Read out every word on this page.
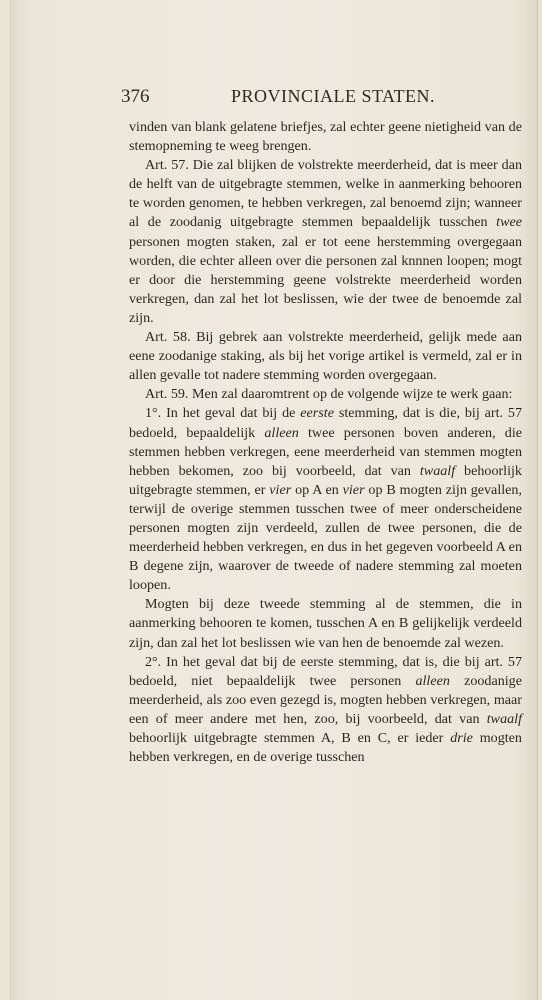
376	PROVINCIALE STATEN.

vinden van blank gelatene briefjes, zal echter geene nietigheid van de stemopneming te weeg brengen.

Art. 57. Die zal blijken de volstrekte meerderheid, dat is meer dan de helft van de uitgebragte stemmen, welke in aanmerking behooren te worden genomen, te hebben verkregen, zal benoemd zijn; wanneer al de zoodanig uitgebragte stemmen bepaaldelijk tusschen twee personen mogten staken, zal er tot eene herstemming overgegaan worden, die echter alleen over die personen zal knnnen loopen; mogt er door die herstemming geene volstrekte meerderheid worden verkregen, dan zal het lot beslissen, wie der twee de benoemde zal zijn.

Art. 58. Bij gebrek aan volstrekte meerderheid, gelijk mede aan eene zoodanige staking, als bij het vorige artikel is vermeld, zal er in allen gevalle tot nadere stemming worden overgegaan.

Art. 59. Men zal daaromtrent op de volgende wijze te werk gaan:

1°. In het geval dat bij de eerste stemming, dat is die, bij art. 57 bedoeld, bepaaldelijk alleen twee personen boven anderen, die stemmen hebben verkregen, eene meerderheid van stemmen mogten hebben bekomen, zoo bij voorbeeld, dat van twaalf behoorlijk uitgebragte stemmen, er vier op A en vier op B mogten zijn gevallen, terwijl de overige stemmen tusschen twee of meer onderscheidene personen mogten zijn verdeeld, zullen de twee personen, die de meerderheid hebben verkregen, en dus in het gegeven voorbeeld A en B degene zijn, waarover de tweede of nadere stemming zal moeten loopen.

Mogten bij deze tweede stemming al de stemmen, die in aanmerking behooren te komen, tusschen A en B gelijkelijk verdeeld zijn, dan zal het lot beslissen wie van hen de benoemde zal wezen.

2°. In het geval dat bij de eerste stemming, dat is, die bij art. 57 bedoeld, niet bepaaldelijk twee personen alleen zoodanige meerderheid, als zoo even gezegd is, mogten hebben verkregen, maar een of meer andere met hen, zoo, bij voorbeeld, dat van twaalf behoorlijk uitgebragte stemmen A, B en C, er ieder drie mogten hebben verkregen, en de overige tusschen
